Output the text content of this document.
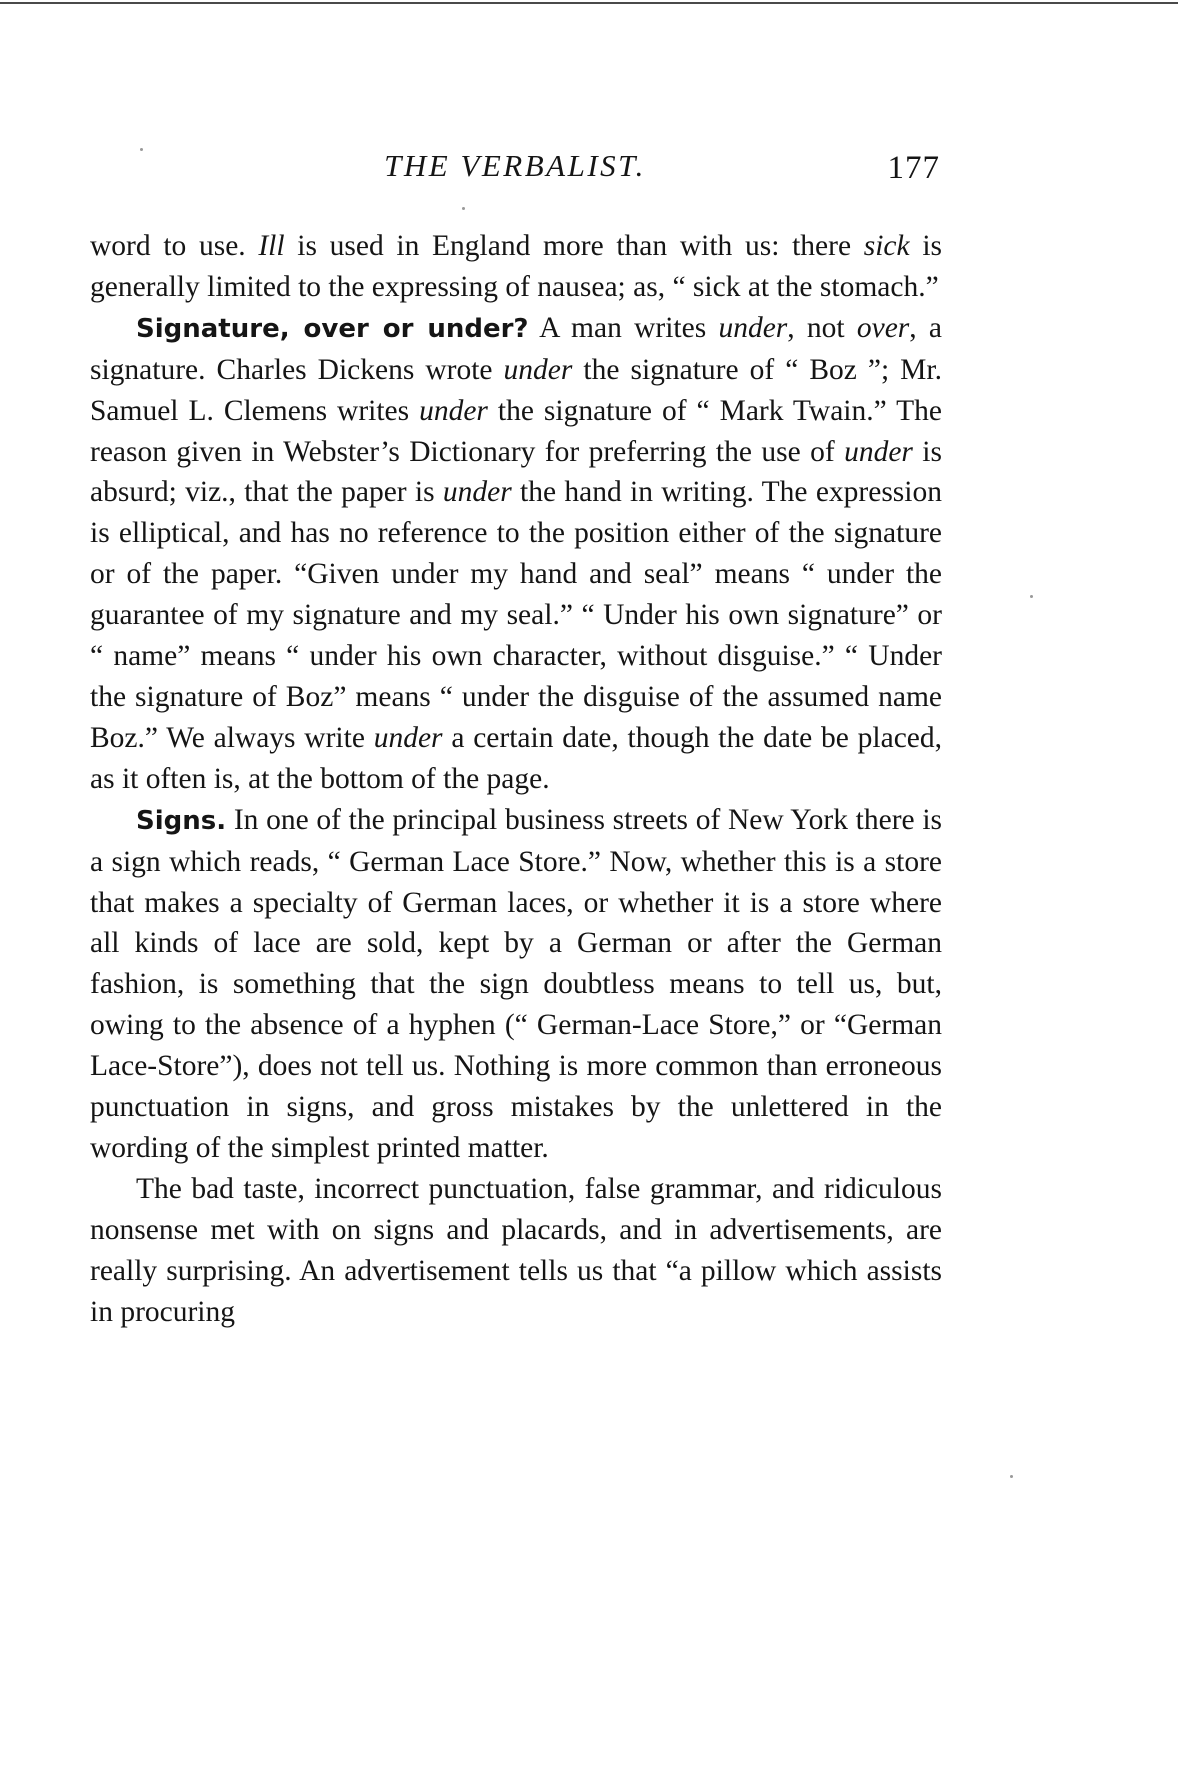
THE VERBALIST.	177

word to use. Ill is used in England more than with us: there sick is generally limited to the expressing of nausea; as, “ sick at the stomach.”

Signature, over or under? A man writes under, not over, a signature. Charles Dickens wrote under the signature of “ Boz ”; Mr. Samuel L. Clemens writes under the signature of “ Mark Twain.” The reason given in Webster’s Dictionary for preferring the use of under is absurd; viz., that the paper is under the hand in writing. The expression is elliptical, and has no reference to the position either of the signature or of the paper. “Given under my hand and seal” means “ under the guarantee of my signature and my seal.” “ Under his own signature” or “ name” means “ under his own character, without disguise.” “ Under the signature of Boz” means “ under the disguise of the assumed name Boz.” We always write under a certain date, though the date be placed, as it often is, at the bottom of the page.

Signs. In one of the principal business streets of New York there is a sign which reads, “ German Lace Store.” Now, whether this is a store that makes a specialty of German laces, or whether it is a store where all kinds of lace are sold, kept by a German or after the German fashion, is something that the sign doubtless means to tell us, but, owing to the absence of a hyphen (“ German-Lace Store,” or “German Lace-Store”), does not tell us. Nothing is more common than erroneous punctuation in signs, and gross mistakes by the unlettered in the wording of the simplest printed matter.

The bad taste, incorrect punctuation, false grammar, and ridiculous nonsense met with on signs and placards, and in advertisements, are really surprising. An advertisement tells us that “a pillow which assists in procuring
